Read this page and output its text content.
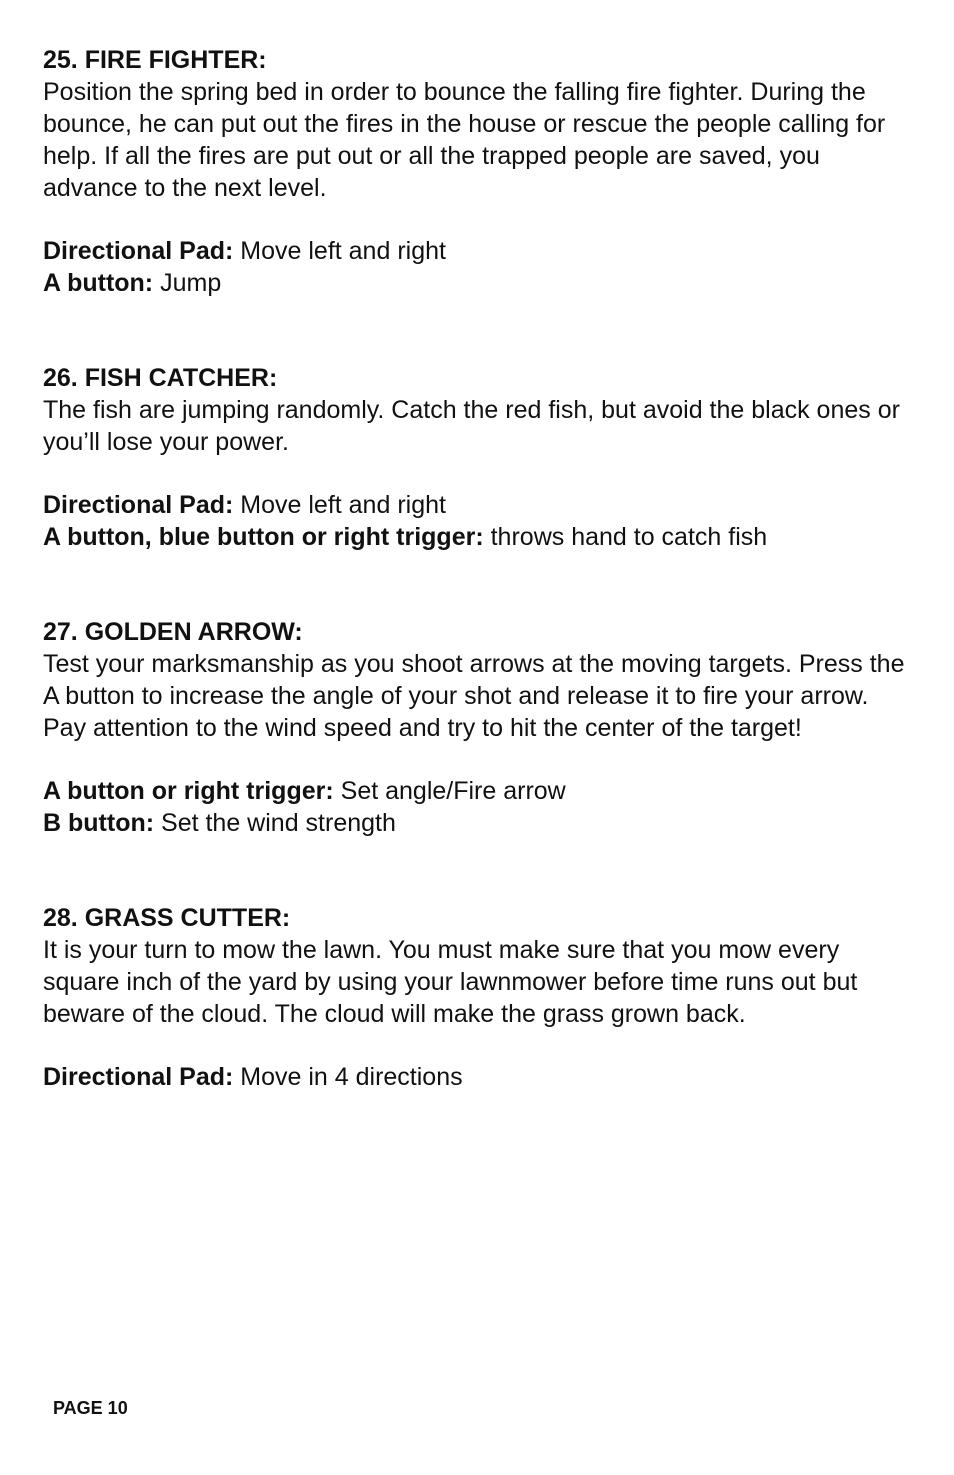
25. FIRE FIGHTER:

Position the spring bed in order to bounce the falling fire fighter. During the bounce, he can put out the fires in the house or rescue the people calling for help. If all the fires are put out or all the trapped people are saved, you advance to the next level.

Directional Pad: Move left and right
A button: Jump

26. FISH CATCHER:

The fish are jumping randomly. Catch the red fish, but avoid the black ones or you’ll lose your power.

Directional Pad: Move left and right
A button, blue button or right trigger: throws hand to catch fish

27. GOLDEN ARROW:

Test your marksmanship as you shoot arrows at the moving targets. Press the A button to increase the angle of your shot and release it to fire your arrow. Pay attention to the wind speed and try to hit the center of the target!

A button or right trigger: Set angle/Fire arrow
B button: Set the wind strength

28. GRASS CUTTER:

It is your turn to mow the lawn. You must make sure that you mow every square inch of the yard by using your lawnmower before time runs out but beware of the cloud. The cloud will make the grass grown back.

Directional Pad: Move in 4 directions
PAGE 10
